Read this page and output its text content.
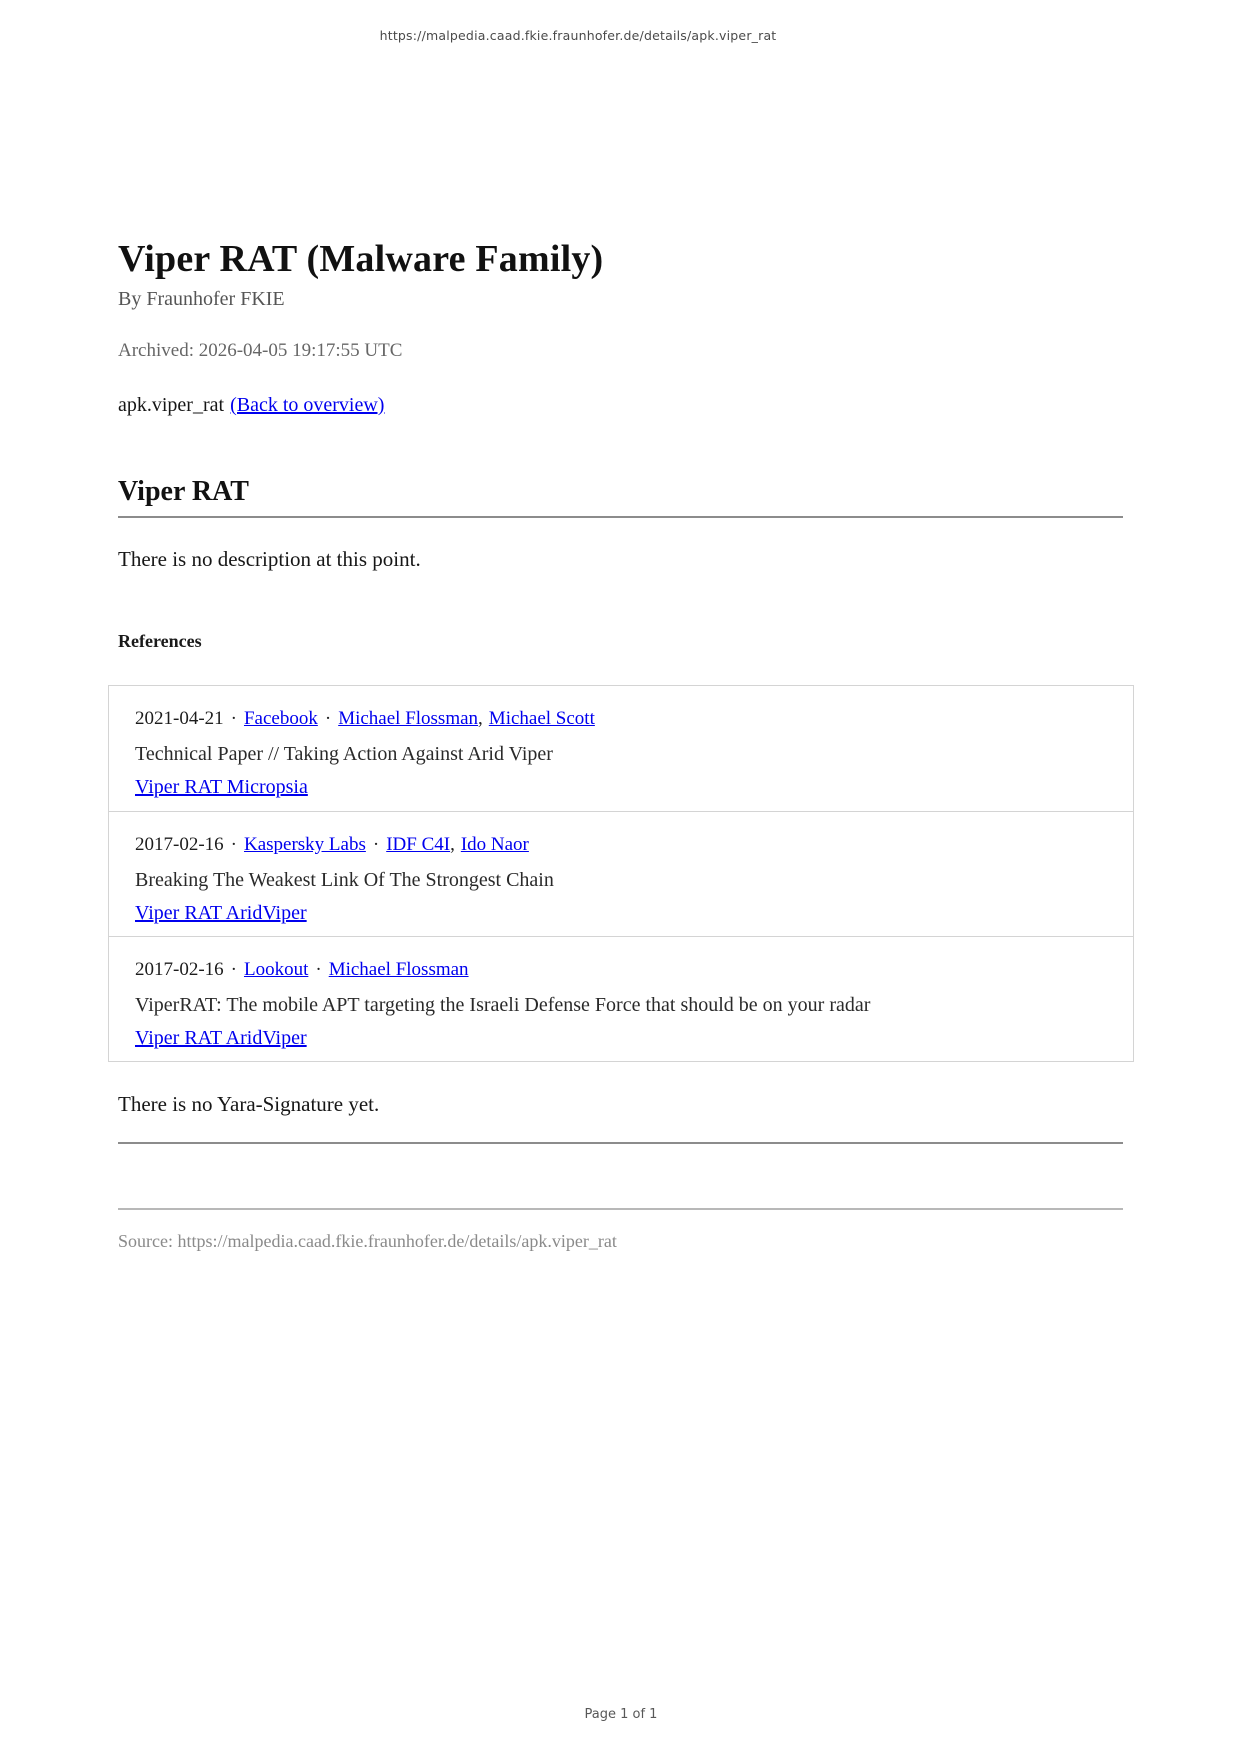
https://malpedia.caad.fkie.fraunhofer.de/details/apk.viper_rat
Viper RAT (Malware Family)
By Fraunhofer FKIE
Archived: 2026-04-05 19:17:55 UTC
apk.viper_rat (Back to overview)
Viper RAT
There is no description at this point.
References
2021-04-21 · Facebook · Michael Flossman, Michael Scott
Technical Paper // Taking Action Against Arid Viper
Viper RAT Micropsia
2017-02-16 · Kaspersky Labs · IDF C4I, Ido Naor
Breaking The Weakest Link Of The Strongest Chain
Viper RAT AridViper
2017-02-16 · Lookout · Michael Flossman
ViperRAT: The mobile APT targeting the Israeli Defense Force that should be on your radar
Viper RAT AridViper
There is no Yara-Signature yet.
Source: https://malpedia.caad.fkie.fraunhofer.de/details/apk.viper_rat
Page 1 of 1
